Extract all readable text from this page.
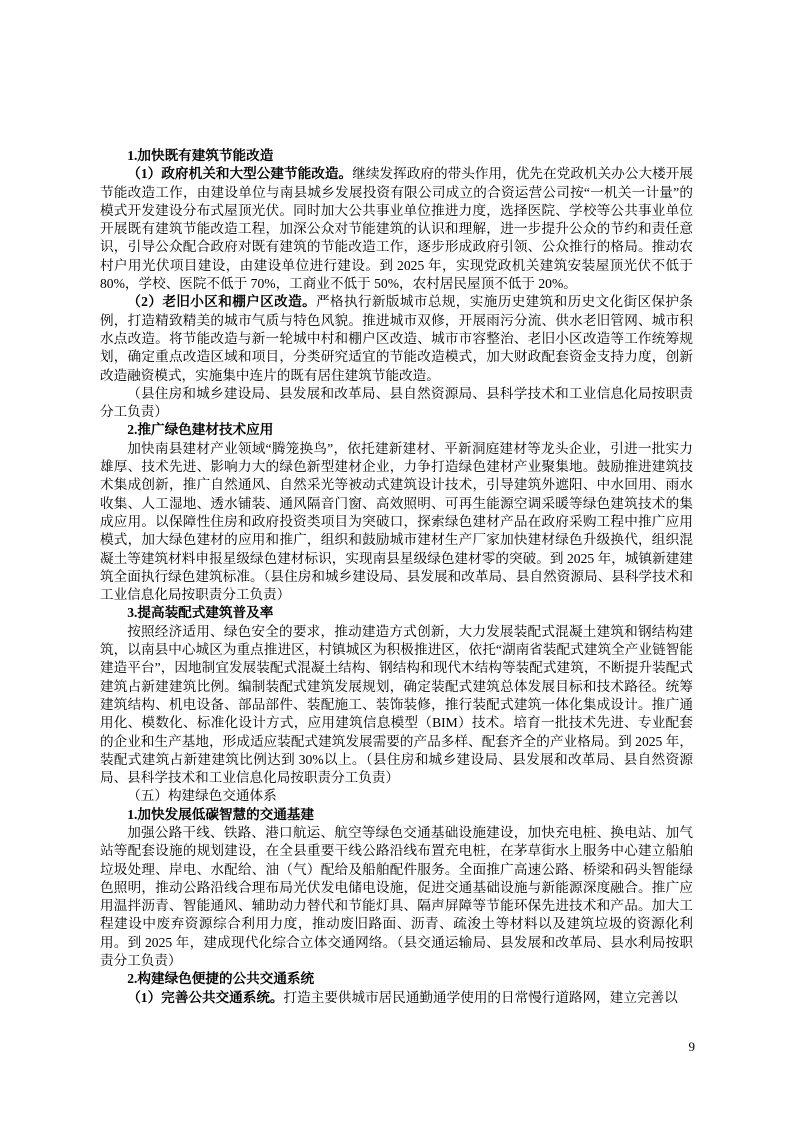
1.加快既有建筑节能改造

（1）政府机关和大型公建节能改造。继续发挥政府的带头作用，优先在党政机关办公大楼开展节能改造工作，由建设单位与南县城乡发展投资有限公司成立的合资运营公司按“一机关一计量”的模式开发建设分布式屋顶光伏。同时加大公共事业单位推进力度，选择医院、学校等公共事业单位开展既有建筑节能改造工程，加深公众对节能建筑的认识和理解，进一步提升公众的节约和责任意识，引导公众配合政府对既有建筑的节能改造工作，逐步形成政府引领、公众推行的格局。推动农村户用光伏项目建设，由建设单位进行建设。到 2025 年，实现党政机关建筑安装屋顶光伏不低于 80%，学校、医院不低于 70%，工商业不低于 50%，农村居民屋顶不低于 20%。

（2）老旧小区和棚户区改造。严格执行新版城市总规，实施历史建筑和历史文化街区保护条例，打造精致精美的城市气质与特色风貌。推进城市双修，开展雨污分流、供水老旧管网、城市积水点改造。将节能改造与新一轮城中村和棚户区改造、城市市容整治、老旧小区改造等工作统筹规划，确定重点改造区域和项目，分类研究适宜的节能改造模式，加大财政配套资金支持力度，创新改造融资模式，实施集中连片的既有居住建筑节能改造。

（县住房和城乡建设局、县发展和改革局、县自然资源局、县科学技术和工业信息化局按职责分工负责）

2.推广绿色建材技术应用

加快南县建材产业领域“腾笼换鸟”，依托建新建材、平新洞庭建材等龙头企业，引进一批实力雄厚、技术先进、影响力大的绿色新型建材企业，力争打造绿色建材产业聚集地。鼓励推进建筑技术集成创新，推广自然通风、自然采光等被动式建筑设计技术，引导建筑外遮阳、中水回用、雨水收集、人工湿地、透水铺装、通风隔音门窗、高效照明、可再生能源空调采暖等绿色建筑技术的集成应用。以保障性住房和政府投资类项目为突破口，探索绿色建材产品在政府采购工程中推广应用模式，加大绿色建材的应用和推广，组织和鼓励城市建材生产厂家加快建材绿色升级换代，组织混凝土等建筑材料申报星级绿色建材标识，实现南县星级绿色建材零的突破。到 2025 年，城镇新建建筑全面执行绿色建筑标准。（县住房和城乡建设局、县发展和改革局、县自然资源局、县科学技术和工业信息化局按职责分工负责）

3.提高装配式建筑普及率

按照经济适用、绿色安全的要求，推动建造方式创新，大力发展装配式混凝土建筑和钢结构建筑，以南县中心城区为重点推进区，村镇城区为积极推进区，依托“湖南省装配式建筑全产业链智能建造平台”，因地制宜发展装配式混凝土结构、钢结构和现代木结构等装配式建筑，不断提升装配式建筑占新建建筑比例。编制装配式建筑发展规划，确定装配式建筑总体发展目标和技术路径。统筹建筑结构、机电设备、部品部件、装配施工、装饰装修，推行装配式建筑一体化集成设计。推广通用化、模数化、标准化设计方式，应用建筑信息模型（BIM）技术。培育一批技术先进、专业配套的企业和生产基地，形成适应装配式建筑发展需要的产品多样、配套齐全的产业格局。到 2025 年，装配式建筑占新建建筑比例达到 30%以上。（县住房和城乡建设局、县发展和改革局、县自然资源局、县科学技术和工业信息化局按职责分工负责）

（五）构建绿色交通体系

1.加快发展低碳智慧的交通基建

加强公路干线、铁路、港口航运、航空等绿色交通基础设施建设，加快充电桩、换电站、加气站等配套设施的规划建设，在全县重要干线公路沿线布置充电桩，在茅草街水上服务中心建立船舶垃圾处理、岸电、水配给、油（气）配给及船舶配件服务。全面推广高速公路、桥梁和码头智能绿色照明，推动公路沿线合理布局光伏发电储电设施，促进交通基础设施与新能源深度融合。推广应用温拌沥青、智能通风、辅助动力替代和节能灯具、隔声屏障等节能环保先进技术和产品。加大工程建设中废弃资源综合利用力度，推动废旧路面、沥青、疏浚土等材料以及建筑垃圾的资源化利用。到 2025 年，建成现代化综合立体交通网络。（县交通运输局、县发展和改革局、县水利局按职责分工负责）

2.构建绿色便捷的公共交通系统

（1）完善公共交通系统。打造主要供城市居民通勤通学使用的日常慢行道路网，建立完善以

9
